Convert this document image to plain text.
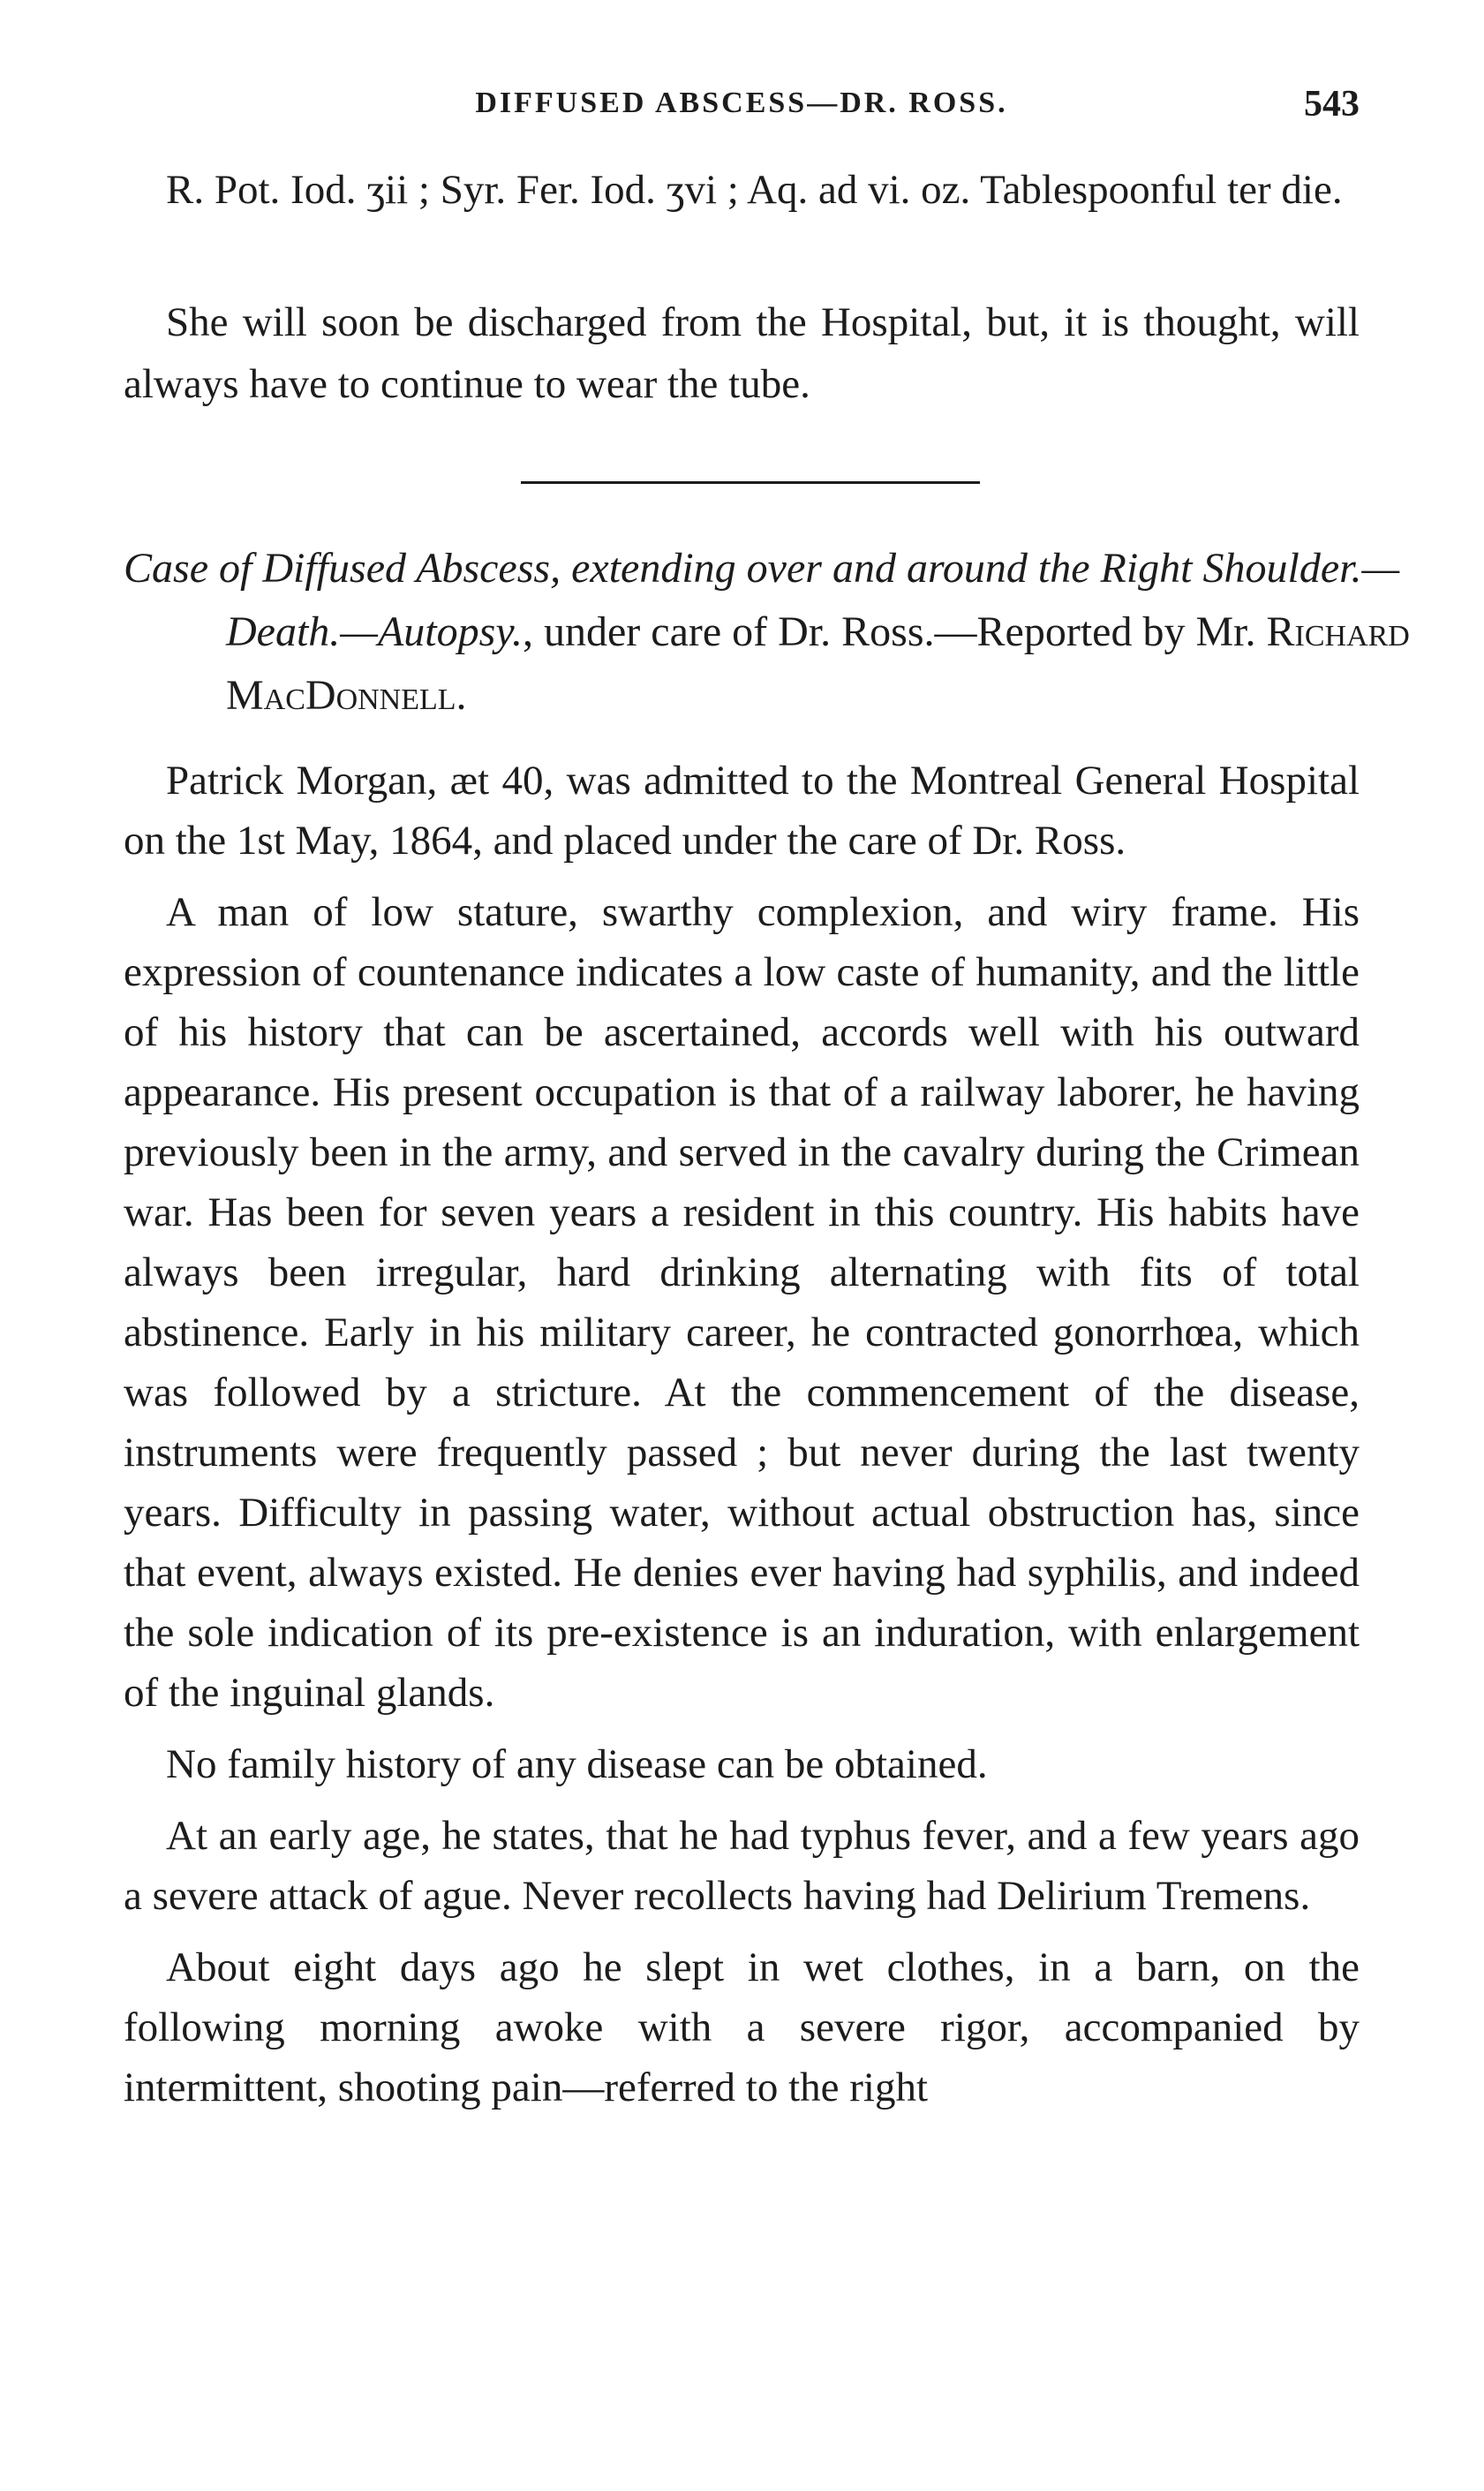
DIFFUSED ABSCESS—DR. ROSS.	543

R. Pot. Iod. ʒii ; Syr. Fer. Iod. ʒvi ; Aq. ad vi. oz. Tablespoonful ter die.

She will soon be discharged from the Hospital, but, it is thought, will always have to continue to wear the tube.

Case of Diffused Abscess, extending over and around the Right Shoulder.—Death.—Autopsy., under care of Dr. Ross.—Reported by Mr. Richard MacDonnell.

Patrick Morgan, æt 40, was admitted to the Montreal General Hospital on the 1st May, 1864, and placed under the care of Dr. Ross.

A man of low stature, swarthy complexion, and wiry frame. His expression of countenance indicates a low caste of humanity, and the little of his history that can be ascertained, accords well with his outward appearance. His present occupation is that of a railway laborer, he having previously been in the army, and served in the cavalry during the Crimean war. Has been for seven years a resident in this country. His habits have always been irregular, hard drinking alternating with fits of total abstinence. Early in his military career, he contracted gonorrhœa, which was followed by a stricture. At the commencement of the disease, instruments were frequently passed ; but never during the last twenty years. Difficulty in passing water, without actual obstruction has, since that event, always existed. He denies ever having had syphilis, and indeed the sole indication of its pre-existence is an induration, with enlargement of the inguinal glands.

No family history of any disease can be obtained.

At an early age, he states, that he had typhus fever, and a few years ago a severe attack of ague. Never recollects having had Delirium Tremens.

About eight days ago he slept in wet clothes, in a barn, on the following morning awoke with a severe rigor, accompanied by intermittent, shooting pain—referred to the right
